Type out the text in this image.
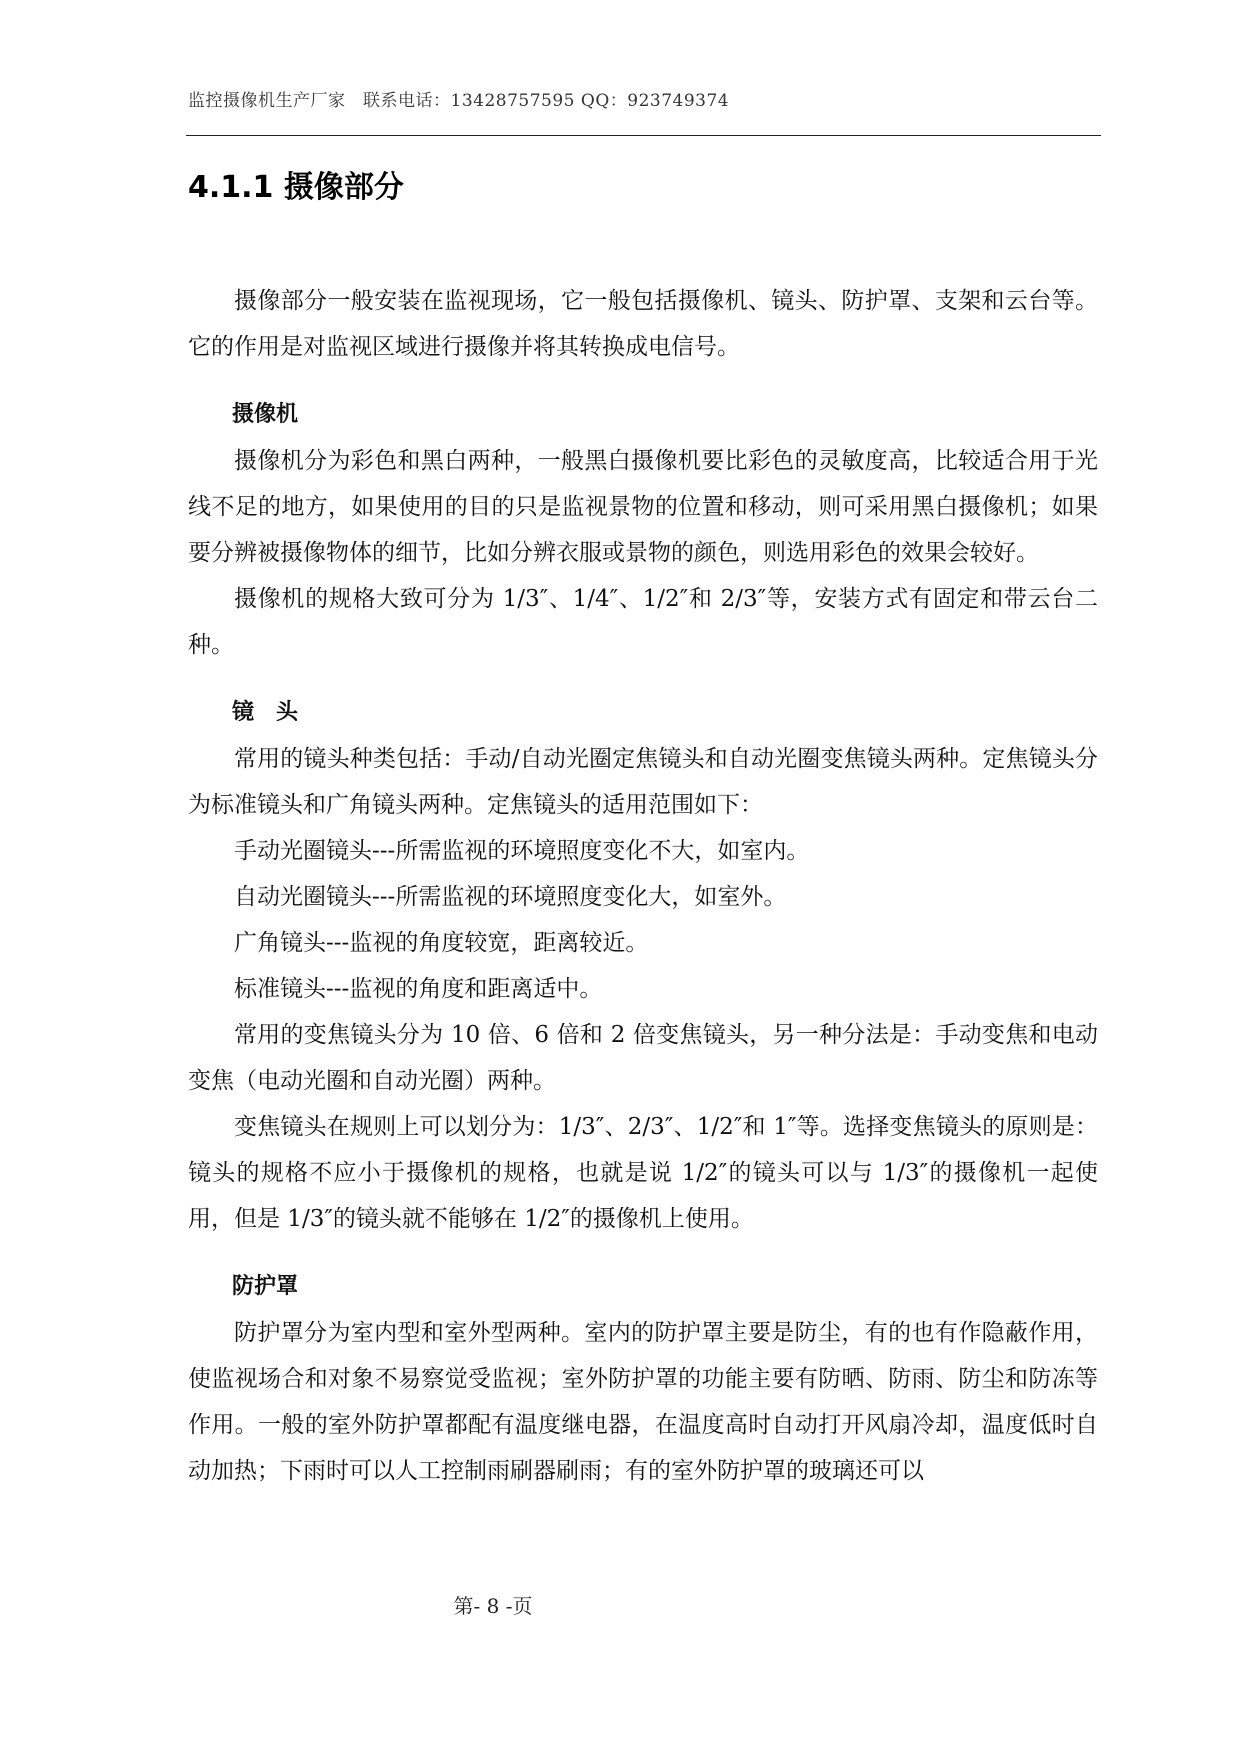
监控摄像机生产厂家　联系电话：13428757595 QQ：923749374
4.1.1 摄像部分

摄像部分一般安装在监视现场，它一般包括摄像机、镜头、防护罩、支架和云台等。它的作用是对监视区域进行摄像并将其转换成电信号。

摄像机

摄像机分为彩色和黑白两种，一般黑白摄像机要比彩色的灵敏度高，比较适合用于光线不足的地方，如果使用的目的只是监视景物的位置和移动，则可采用黑白摄像机；如果要分辨被摄像物体的细节，比如分辨衣服或景物的颜色，则选用彩色的效果会较好。

摄像机的规格大致可分为 1/3″、1/4″、1/2″和 2/3″等，安装方式有固定和带云台二种。

镜　头

常用的镜头种类包括：手动/自动光圈定焦镜头和自动光圈变焦镜头两种。定焦镜头分为标准镜头和广角镜头两种。定焦镜头的适用范围如下：

手动光圈镜头---所需监视的环境照度变化不大，如室内。
自动光圈镜头---所需监视的环境照度变化大，如室外。
广角镜头---监视的角度较宽，距离较近。
标准镜头---监视的角度和距离适中。

常用的变焦镜头分为 10 倍、6 倍和 2 倍变焦镜头，另一种分法是：手动变焦和电动变焦（电动光圈和自动光圈）两种。

变焦镜头在规则上可以划分为：1/3″、2/3″、1/2″和 1″等。选择变焦镜头的原则是：镜头的规格不应小于摄像机的规格，也就是说 1/2″的镜头可以与 1/3″的摄像机一起使用，但是 1/3″的镜头就不能够在 1/2″的摄像机上使用。

防护罩

防护罩分为室内型和室外型两种。室内的防护罩主要是防尘，有的也有作隐蔽作用，使监视场合和对象不易察觉受监视；室外防护罩的功能主要有防晒、防雨、防尘和防冻等作用。一般的室外防护罩都配有温度继电器，在温度高时自动打开风扇冷却，温度低时自动加热；下雨时可以人工控制雨刷器刷雨；有的室外防护罩的玻璃还可以

第- 8 -页
